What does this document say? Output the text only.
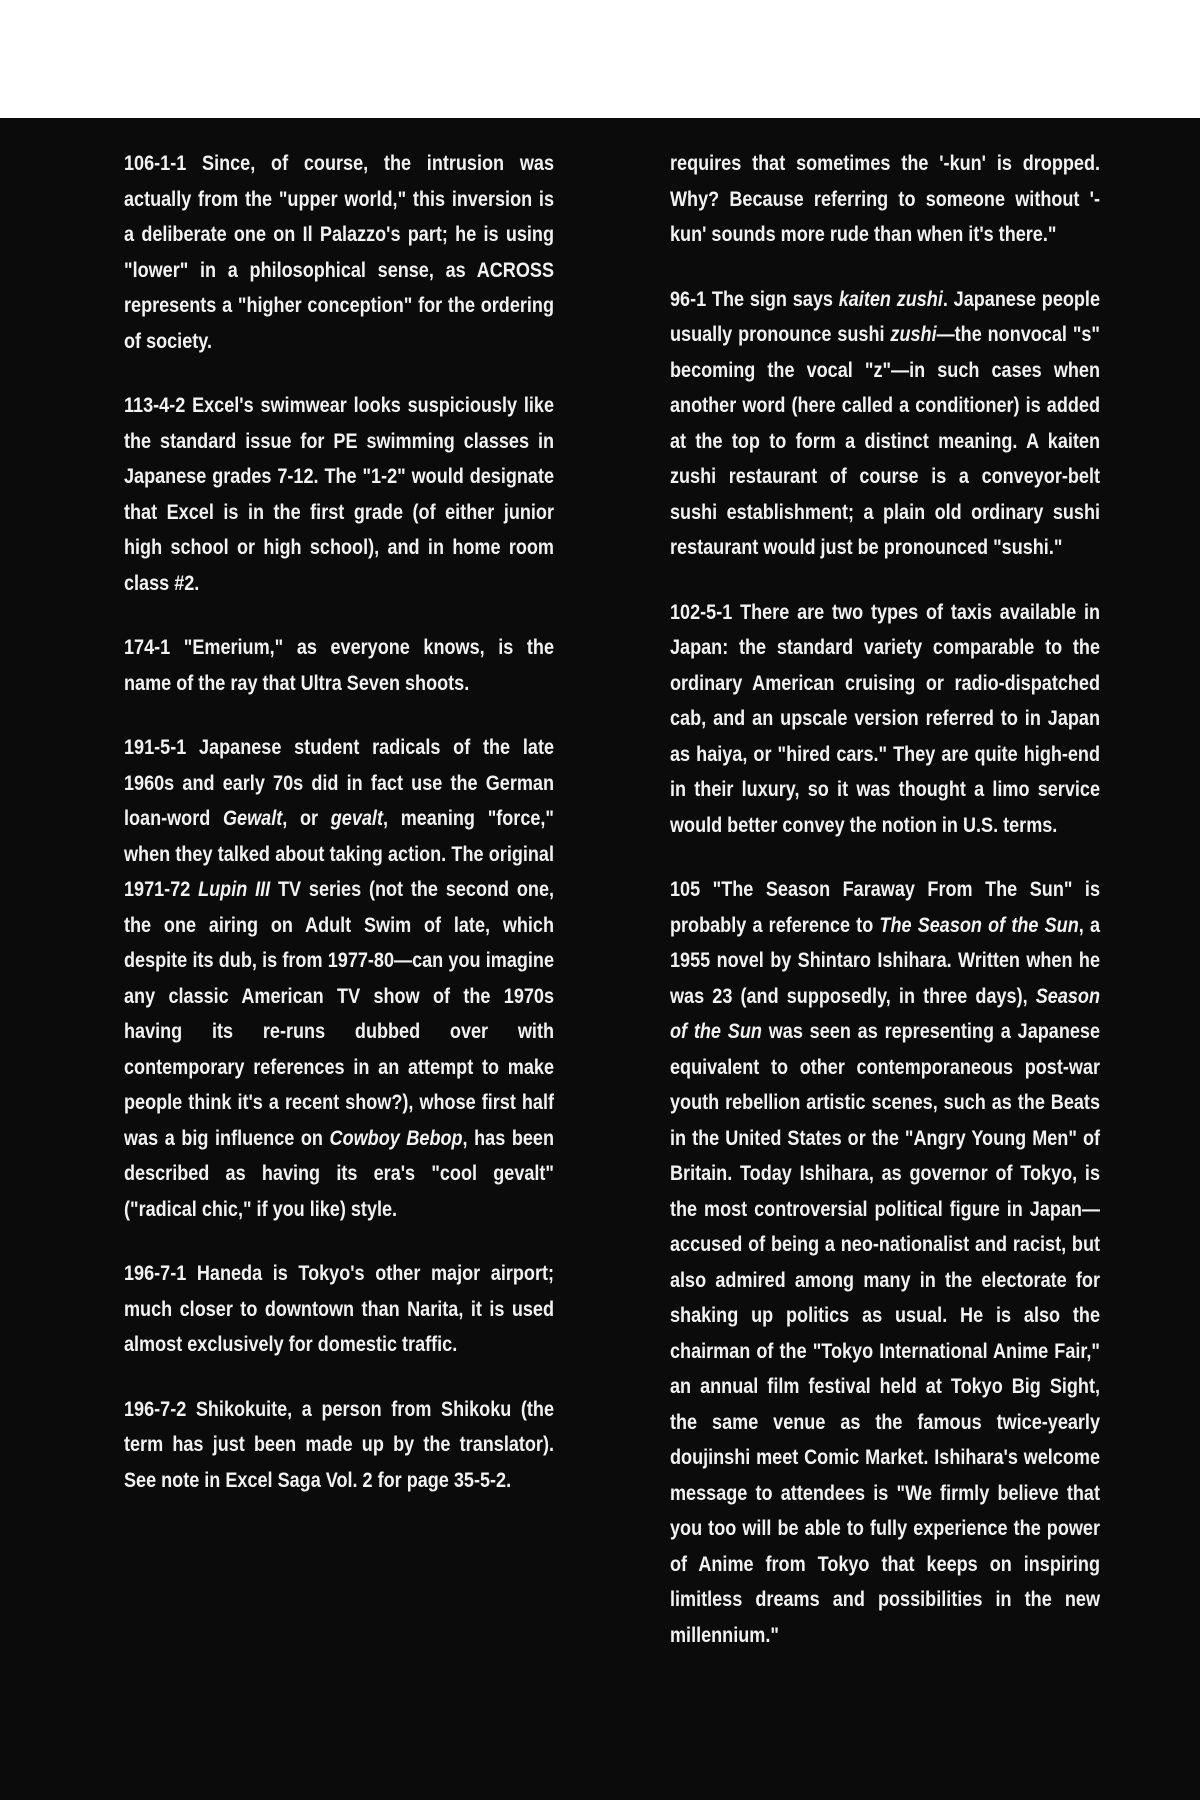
106-1-1 Since, of course, the intrusion was actually from the "upper world," this inversion is a deliberate one on Il Palazzo's part; he is using "lower" in a philosophical sense, as ACROSS represents a "higher conception" for the ordering of society.

113-4-2 Excel's swimwear looks suspiciously like the standard issue for PE swimming classes in Japanese grades 7-12. The "1-2" would designate that Excel is in the first grade (of either junior high school or high school), and in home room class #2.

174-1 "Emerium," as everyone knows, is the name of the ray that Ultra Seven shoots.

191-5-1 Japanese student radicals of the late 1960s and early 70s did in fact use the German loan-word Gewalt, or gevalt, meaning "force," when they talked about taking action. The original 1971-72 Lupin III TV series (not the second one, the one airing on Adult Swim of late, which despite its dub, is from 1977-80—can you imagine any classic American TV show of the 1970s having its re-runs dubbed over with contemporary references in an attempt to make people think it's a recent show?), whose first half was a big influence on Cowboy Bebop, has been described as having its era's "cool gevalt" ("radical chic," if you like) style.

196-7-1 Haneda is Tokyo's other major airport; much closer to downtown than Narita, it is used almost exclusively for domestic traffic.

196-7-2 Shikokuite, a person from Shikoku (the term has just been made up by the translator). See note in Excel Saga Vol. 2 for page 35-5-2.

requires that sometimes the '-kun' is dropped. Why? Because referring to someone without '-kun' sounds more rude than when it's there."

96-1 The sign says kaiten zushi. Japanese people usually pronounce sushi zushi—the nonvocal "s" becoming the vocal "z"—in such cases when another word (here called a conditioner) is added at the top to form a distinct meaning. A kaiten zushi restaurant of course is a conveyor-belt sushi establishment; a plain old ordinary sushi restaurant would just be pronounced "sushi."

102-5-1 There are two types of taxis available in Japan: the standard variety comparable to the ordinary American cruising or radio-dispatched cab, and an upscale version referred to in Japan as haiya, or "hired cars." They are quite high-end in their luxury, so it was thought a limo service would better convey the notion in U.S. terms.

105 "The Season Faraway From The Sun" is probably a reference to The Season of the Sun, a 1955 novel by Shintaro Ishihara. Written when he was 23 (and supposedly, in three days), Season of the Sun was seen as representing a Japanese equivalent to other contemporaneous post-war youth rebellion artistic scenes, such as the Beats in the United States or the "Angry Young Men" of Britain. Today Ishihara, as governor of Tokyo, is the most controversial political figure in Japan—accused of being a neo-nationalist and racist, but also admired among many in the electorate for shaking up politics as usual. He is also the chairman of the "Tokyo International Anime Fair," an annual film festival held at Tokyo Big Sight, the same venue as the famous twice-yearly doujinshi meet Comic Market. Ishihara's welcome message to attendees is "We firmly believe that you too will be able to fully experience the power of Anime from Tokyo that keeps on inspiring limitless dreams and possibilities in the new millennium."
